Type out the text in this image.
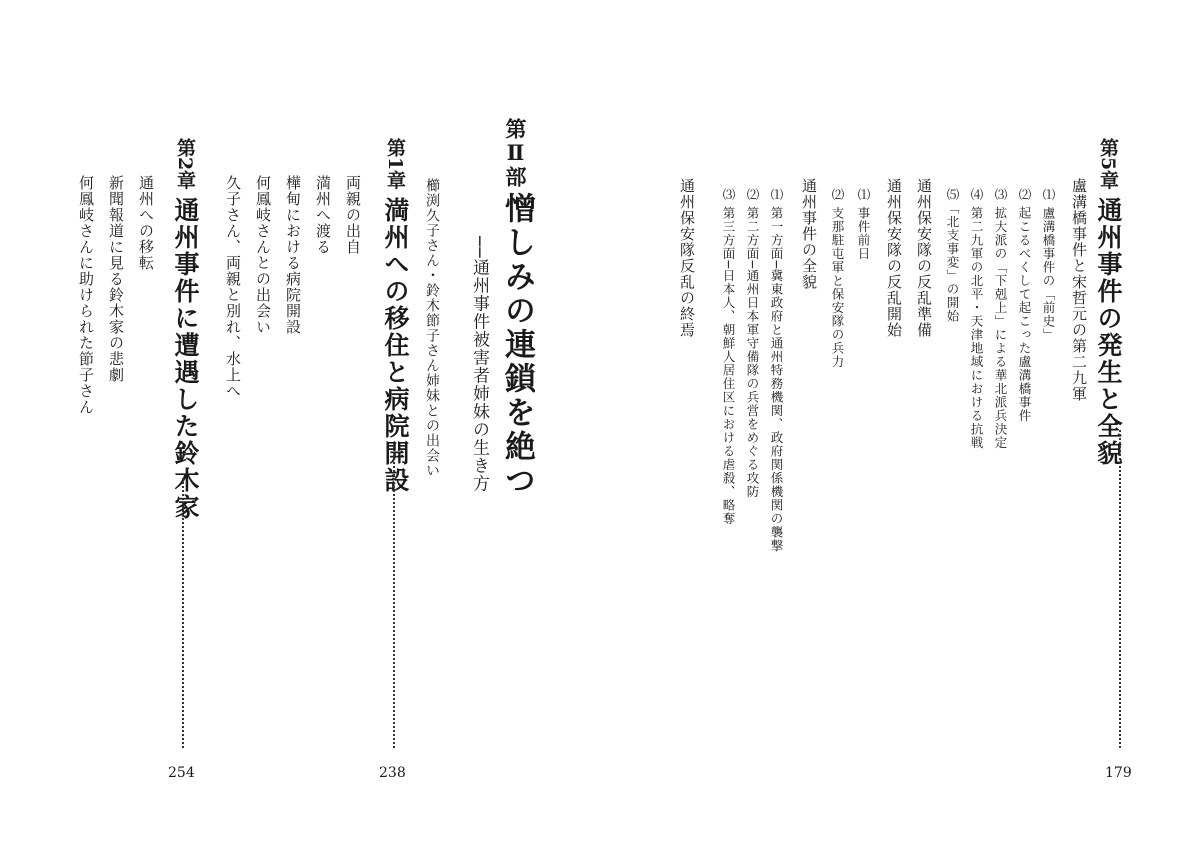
第5章通州事件の発生と全貌
179
盧溝橋事件と宋哲元の第二九軍
⑴ 盧溝橋事件の「前史」
⑵ 起こるべくして起こった盧溝橋事件
⑶ 拡大派の「下剋上」による華北派兵決定
⑷ 第二九軍の北平・天津地域における抗戦
⑸「北支事変」の開始
通州保安隊の反乱準備
通州保安隊の反乱開始
⑴ 事件前日
⑵ 支那駐屯軍と保安隊の兵力
通州事件の全貌
⑴ 第一方面─冀東政府と通州特務機関、政府関係機関の襲撃
⑵ 第二方面─通州日本軍守備隊の兵営をめぐる攻防
⑶ 第三方面─日本人、朝鮮人居住区における虐殺、略奪
通州保安隊反乱の終焉
第Ⅱ部
憎しみの連鎖を絶つ
──通州事件被害者姉妹の生き方
櫛渕久子さん・鈴木節子さん姉妹との出会い
第1章満州への移住と病院開設
238
両親の出自
満州へ渡る
樺甸における病院開設
何鳳岐さんとの出会い
久子さん、両親と別れ、水上へ
第2章通州事件に遭遇した鈴木家
254
通州への移転
新聞報道に見る鈴木家の悲劇
何鳳岐さんに助けられた節子さん
